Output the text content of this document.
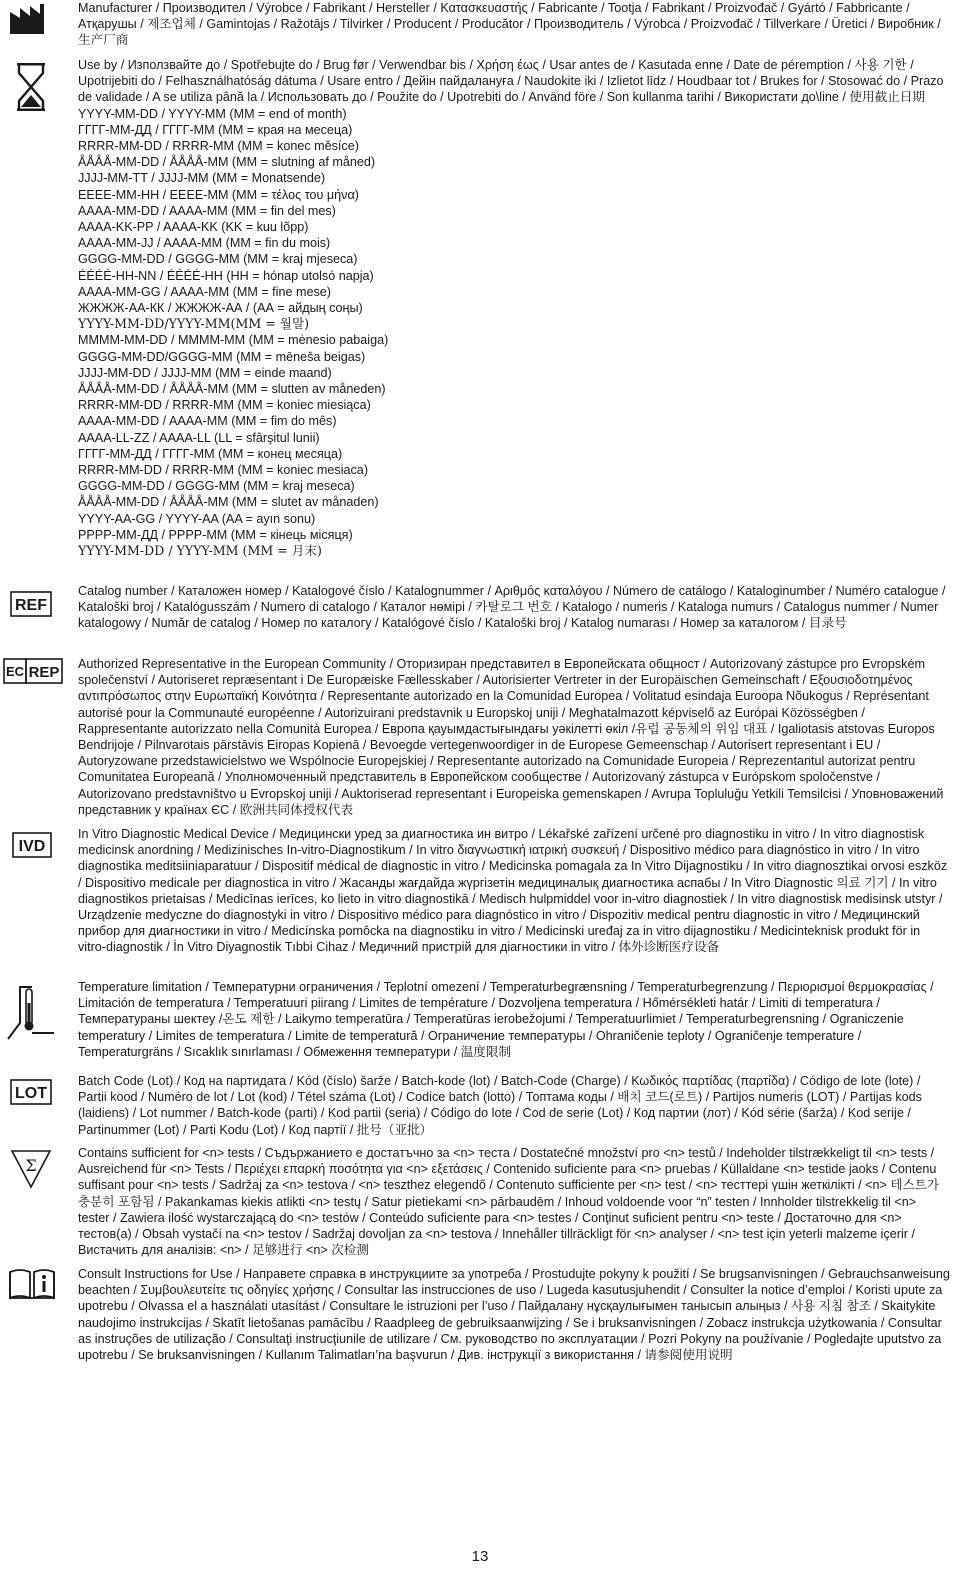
Manufacturer / Производител / Výrobce / Fabrikant / Hersteller / Κατασκευαστής / Fabricante / Tootja / Fabrikant / Proizvođač / Gyártó / Fabbricante / Атқарушы / 제조업체 / Gamintojas / Ražotājs / Tilvirker / Producent / Producător / Производитель / Výrobca / Proizvođač / Tillverkare / Üretici / Виробник / 生产厂商
Use by / Използвайте до / Spotřebujte do / Brug før / Verwendbar bis / Χρήση έως / Usar antes de / Kasutada enne / Date de péremption / 사용 기한 / Upotrijebiti do / Felhasználhatóság dátuma / Usare entro / Дейін пайдалануға / Naudokite iki / Izlietot līdz / Houdbaar tot / Brukes for / Stosować do / Prazo de validade / A se utiliza până la / Использовать до / Použite do / Upotrebiti do / Använd före / Son kullanma tarihi / Використати до\line / 使用截止日期
YYYY-MM-DD / YYYY-MM (MM = end of month)
ГГГГ-ММ-ДД / ГГГГ-ММ (MM = края на месеца)
RRRR-MM-DD / RRRR-MM (MM = konec měsíce)
ÅÅÅÅ-MM-DD / ÅÅÅÅ-MM (MM = slutning af måned)
JJJJ-MM-TT / JJJJ-MM (MM = Monatsende)
EEEE-MM-HH / EEEE-MM (MM = τέλος του μήνα)
AAAA-MM-DD / AAAA-MM (MM = fin del mes)
AAAA-KK-PP / AAAA-KK (KK = kuu lõpp)
AAAA-MM-JJ / AAAA-MM (MM = fin du mois)
GGGG-MM-DD / GGGG-MM (MM = kraj mjeseca)
ÉÉÉÉ-HH-NN / ÉÉÉÉ-HH (HH = hónap utolsó napja)
AAAA-MM-GG / AAAA-MM (MM = fine mese)
ЖЖЖЖ-АА-КК / ЖЖЖЖ-АА / (АА = айдың соңы)
YYYY-MM-DD/YYYY-MM(MM = 월말)
MMMM-MM-DD / MMMM-MM (MM = mėnesio pabaiga)
GGGG-MM-DD/GGGG-MM (MM = mēneša beigas)
JJJJ-MM-DD / JJJJ-MM (MM = einde maand)
ÅÅÅÅ-MM-DD / ÅÅÅÅ-MM (MM = slutten av måneden)
RRRR-MM-DD / RRRR-MM (MM = koniec miesiąca)
AAAA-MM-DD / AAAA-MM (MM = fim do mês)
AAAA-LL-ZZ / AAAA-LL (LL = sfârşitul lunii)
ГГГГ-ММ-ДД / ГГГГ-ММ (ММ = конец месяца)
RRRR-MM-DD / RRRR-MM (MM = koniec mesiaca)
GGGG-MM-DD / GGGG-MM (MM = kraj meseca)
ÅÅÅÅ-MM-DD / ÅÅÅÅ-MM (MM = slutet av månaden)
YYYY-AA-GG / YYYY-AA (AA = ayın sonu)
РРРР-ММ-ДД / РРРР-ММ (ММ = кінець місяця)
YYYY-MM-DD / YYYY-MM (MM = 月末)
REF
Catalog number / Каталожен номер / Katalogové číslo / Katalognummer / Αριθμός καταλόγου / Número de catálogo / Kataloginumber / Numéro catalogue / Kataloški broj / Katalógusszám / Numero di catalogo / Каталог нөмірі / 카탈로그 번호 / Katalogo / numeris / Kataloga numurs / Catalogus nummer / Numer katalogowy / Număr de catalog / Номер по каталогу / Katalógové číslo / Kataloški broj / Katalog numarası / Номер за каталогом / 目录号
EC REP Authorized Representative in the European Community / Оторизиран представител в Европейската общност / Autorizovaný zástupce pro Evropském společenství / Autoriseret repræsentant i De Europæiske Fællesskaber / Autorisierter Vertreter in der Europäischen Gemeinschaft / Εξουσιοδοτημένος αντιπρόσωπος στην Ευρωπαϊκή Κοινότητα / Representante autorizado en la Comunidad Europea / Volitatud esindaja Euroopa Nõukogus / Représentant autorisé pour la Communauté européenne / Autorizuirani predstavnik u Europskoj uniji / Meghatalmazott képviselő az Európai Közösségben / Rappresentante autorizzato nella Comunità Europea / Европа қауымдастығындағы уәкілетті өкіл /유럽 공동체의 위임 대표 / Igaliotasis atstovas Europos Bendrijoje / Pilnvarotais pārstāvis Eiropas Kopienā / Bevoegde vertegenwoordiger in de Europese Gemeenschap / Autorisert representant i EU / Autoryzowane przedstawicielstwo we Wspólnocie Europejskiej / Representante autorizado na Comunidade Europeia / Reprezentantul autorizat pentru Comunitatea Europeană / Уполномоченный представитель в Европейском сообществе / Autorizovaný zástupca v Európskom spoločenstve / Autorizovano predstavništvo u Evropskoj uniji / Auktoriserad representant i Europeiska gemenskapen / Avrupa Topluluğu Yetkili Temsilcisi / Уповноважений представник у країнах ЄС / 欧洲共同体授权代表
IVD
In Vitro Diagnostic Medical Device / Медицински уред за диагностика ин витро / Lékařské zařízení určené pro diagnostiku in vitro / In vitro diagnostisk medicinsk anordning / Medizinisches In-vitro-Diagnostikum / In vitro διαγνωστική ιατρική συσκευή / Dispositivo médico para diagnóstico in vitro / In vitro diagnostika meditsiiniaparatuur / Dispositif médical de diagnostic in vitro / Medicinska pomagala za In Vitro Dijagnostiku / In vitro diagnosztikai orvosi eszköz / Dispositivo medicale per diagnostica in vitro / Жасанды жағдайда жүргізетін медициналық диагностика аспабы / In Vitro Diagnostic 의료 기기 / In vitro diagnostikos prietaisas / Medicīnas ierīces, ko lieto in vitro diagnostikā / Medisch hulpmiddel voor in-vitro diagnostiek / In vitro diagnostisk medisinsk utstyr / Urządzenie medyczne do diagnostyki in vitro / Dispositivo médico para diagnóstico in vitro / Dispozitiv medical pentru diagnostic in vitro / Медицинский прибор для диагностики in vitro / Medicínska pomôcka na diagnostiku in vitro / Medicinski uređaj za in vitro dijagnostiku / Medicinteknisk produkt för in vitro-diagnostik / İn Vitro Diyagnostik Tıbbi Cihaz / Медичний пристрій для діагностики in vitro / 体外诊断医疗设备
Temperature limitation / Температурни ограничения / Teplotní omezení / Temperaturbegrænsning / Temperaturbegrenzung / Περιορισμοί θερμοκρασίας / Limitación de temperatura / Temperatuuri piirang / Limites de température / Dozvoljena temperatura / Hőmérsékleti határ / Limiti di temperatura / Температураны шектеу /온도 제한 / Laikymo temperatūra / Temperatūras ierobežojumi / Temperatuurlimiet / Temperaturbegrensning / Ograniczenie temperatury / Limites de temperatura / Limite de temperatură / Ограничение температуры / Ohraničenie teploty / Ograničenje temperature / Temperaturgräns / Sıcaklık sınırlaması / Обмеження температури / 温度限制
LOT
Batch Code (Lot) / Код на партидата / Kód (číslo) šarže / Batch-kode (lot) / Batch-Code (Charge) / Κωδικός παρτίδας (παρτίδα) / Código de lote (lote) / Partii kood / Numéro de lot / Lot (kod) / Tétel száma (Lot) / Codice batch (lotto) / Топтама коды / 배치 코드(로트) / Partijos numeris (LOT) / Partijas kods (laidiens) / Lot nummer / Batch-kode (parti) / Kod partii (seria) / Código do lote / Cod de serie (Lot) / Код партии (лот) / Kód série (šarža) / Kod serije / Partinummer (Lot) / Parti Kodu (Lot) / Код партії / 批号（亚批）
Σ
Contains sufficient for <n> tests / Съдържанието е достатъчно за <n> теста / Dostatečné množství pro <n> testů / Indeholder tilstrækkeligt til <n> tests / Ausreichend für <n> Tests / Περιέχει επαρκή ποσότητα για <n> εξετάσεις / Contenido suficiente para <n> pruebas / Küllaldane <n> testide jaoks / Contenu suffisant pour <n> tests / Sadržaj za <n> testova / <n> teszthez elegendő / Contenuto sufficiente per <n> test / <n> тесттері үшін жеткілікті / <n> 테스트가 충분히 포함됨 / Pakankamas kiekis atlikti <n> testų / Satur pietiekami <n> pārbaudēm / Inhoud voldoende voor “n” testen / Innholder tilstrekkelig til <n> tester / Zawiera ilość wystarczającą do <n> testów / Conteúdo suficiente para <n> testes / Conţinut suficient pentru <n> teste / Достаточно для <n> тестов(а) / Obsah vystačí na <n> testov / Sadržaj dovoljan za <n> testova / Innehåller tillräckligt för <n> analyser / <n> test için yeterli malzeme içerir / Вистачить для аналізів: <n> / 足够进行 <n> 次检测
Consult Instructions for Use / Направете справка в инструкциите за употреба / Prostudujte pokyny k použití / Se brugsanvisningen / Gebrauchsanweisung beachten / Συμβουλευτείτε τις οδηγίες χρήσης / Consultar las instrucciones de uso / Lugeda kasutusjuhendit / Consulter la notice d’emploi / Koristi upute za upotrebu / Olvassa el a használati utasítást / Consultare le istruzioni per l’uso / Пайдалану нұсқаулығымен танысып алыңыз / 사용 지침 참조 / Skaitykite naudojimo instrukcijas / Skatīt lietošanas pamācību / Raadpleeg de gebruiksaanwijzing / Se i bruksanvisningen / Zobacz instrukcja użytkowania / Consultar as instruções de utilização / Consultaţi instrucţiunile de utilizare / См. руководство по эксплуатации / Pozri Pokyny na používanie / Pogledajte uputstvo za upotrebu / Se bruksanvisningen / Kullanım Talimatları’na başvurun / Див. інструкції з використання / 请参阅使用说明
13
